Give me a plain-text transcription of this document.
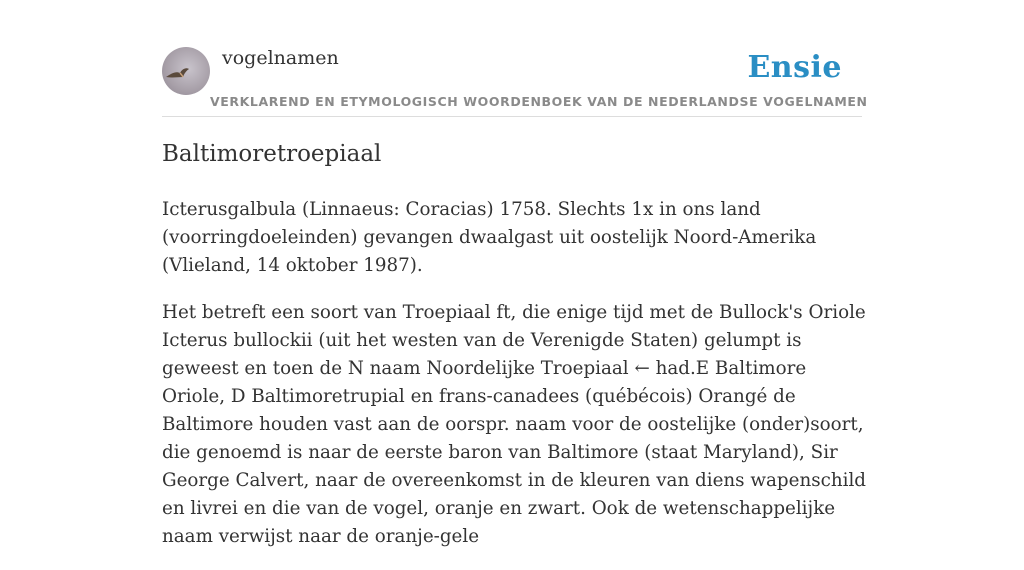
vogelnamen	Ensie
VERKLAREND EN ETYMOLOGISCH WOORDENBOEK VAN DE NEDERLANDSE VOGELNAMEN
Baltimoretroepiaal

Icterusgalbula (Linnaeus: Coracias) 1758. Slechts 1x in ons land (voorringdoeleinden) gevangen dwaalgast uit oostelijk Noord-Amerika (Vlieland, 14 oktober 1987).

Het betreft een soort van Troepiaal ft, die enige tijd met de Bullock's Oriole Icterus bullockii (uit het westen van de Verenigde Staten) gelumpt is geweest en toen de N naam Noordelijke Troepiaal ← had.E Baltimore Oriole, D Baltimoretrupial en frans-canadees (québécois) Orangé de Baltimore houden vast aan de oorspr. naam voor de oostelijke (onder)soort, die genoemd is naar de eerste baron van Baltimore (staat Maryland), Sir George Calvert, naar de overeenkomst in de kleuren van diens wapenschild en livrei en die van de vogel, oranje en zwart. Ook de wetenschappelijke naam verwijst naar de oranje-gele
